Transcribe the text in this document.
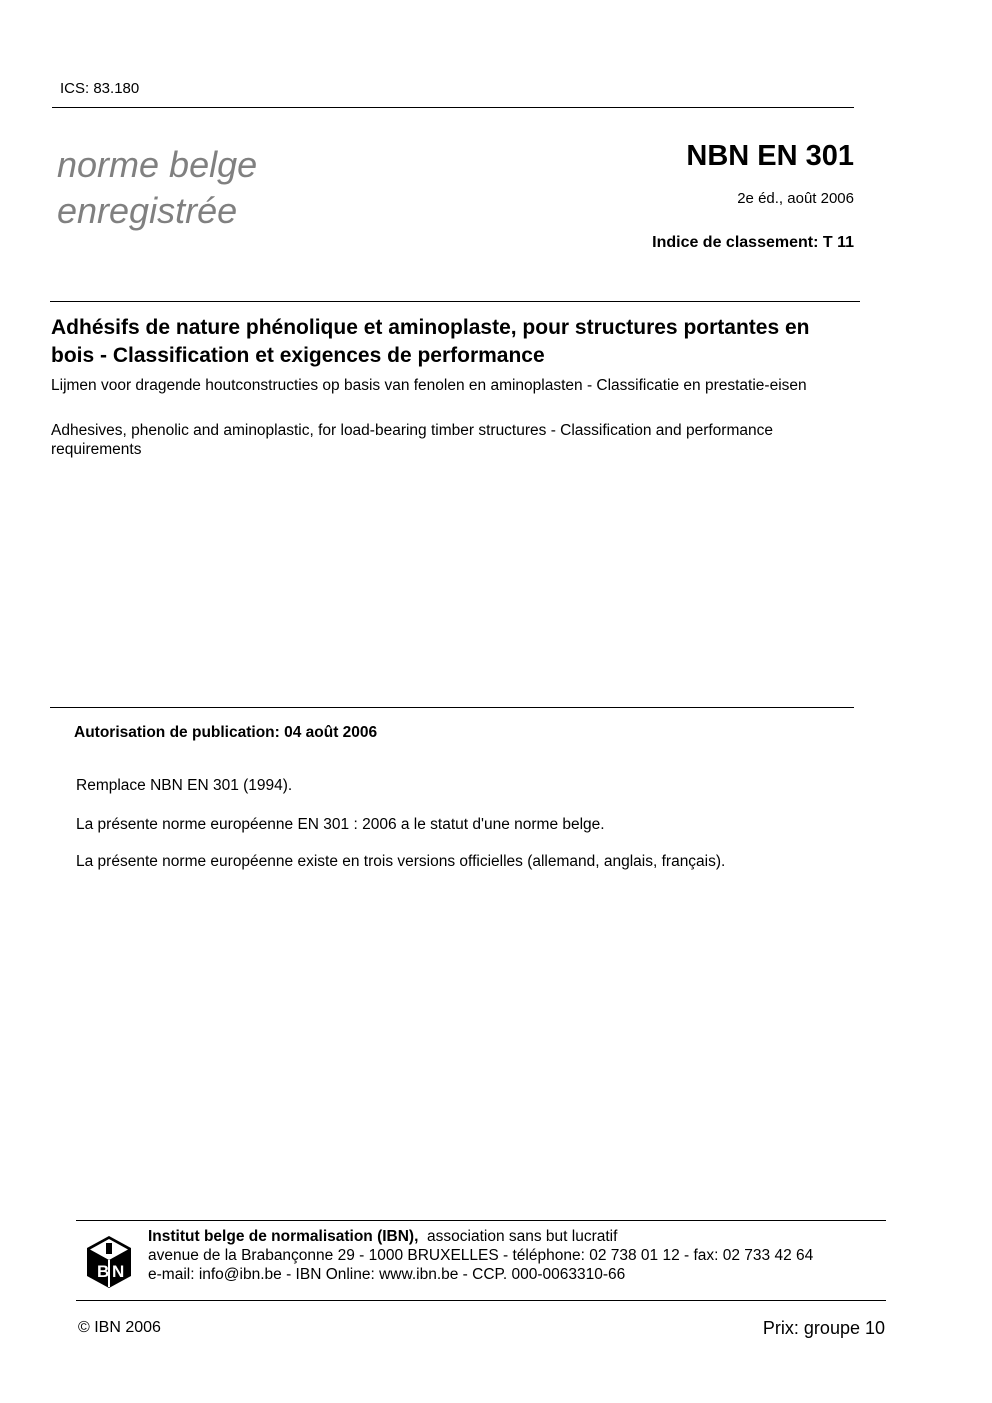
ICS: 83.180
norme belge
enregistrée
NBN EN 301
2e éd., août 2006
Indice de classement: T 11
Adhésifs de nature phénolique et aminoplaste, pour structures portantes en bois - Classification et exigences de performance
Lijmen voor dragende houtconstructies op basis van fenolen en aminoplasten - Classificatie en prestatie-eisen
Adhesives, phenolic and aminoplastic, for load-bearing timber structures - Classification and performance requirements
Autorisation de publication: 04 août 2006
Remplace NBN EN 301 (1994).
La présente norme européenne EN 301 : 2006 a le statut d'une norme belge.
La présente norme européenne existe en trois versions officielles (allemand, anglais, français).
B N
Institut belge de normalisation (IBN), association sans but lucratif
avenue de la Brabançonne 29 - 1000 BRUXELLES - téléphone: 02 738 01 12 - fax: 02 733 42 64
e-mail: info@ibn.be - IBN Online: www.ibn.be - CCP. 000-0063310-66
© IBN 2006	Prix: groupe 10
